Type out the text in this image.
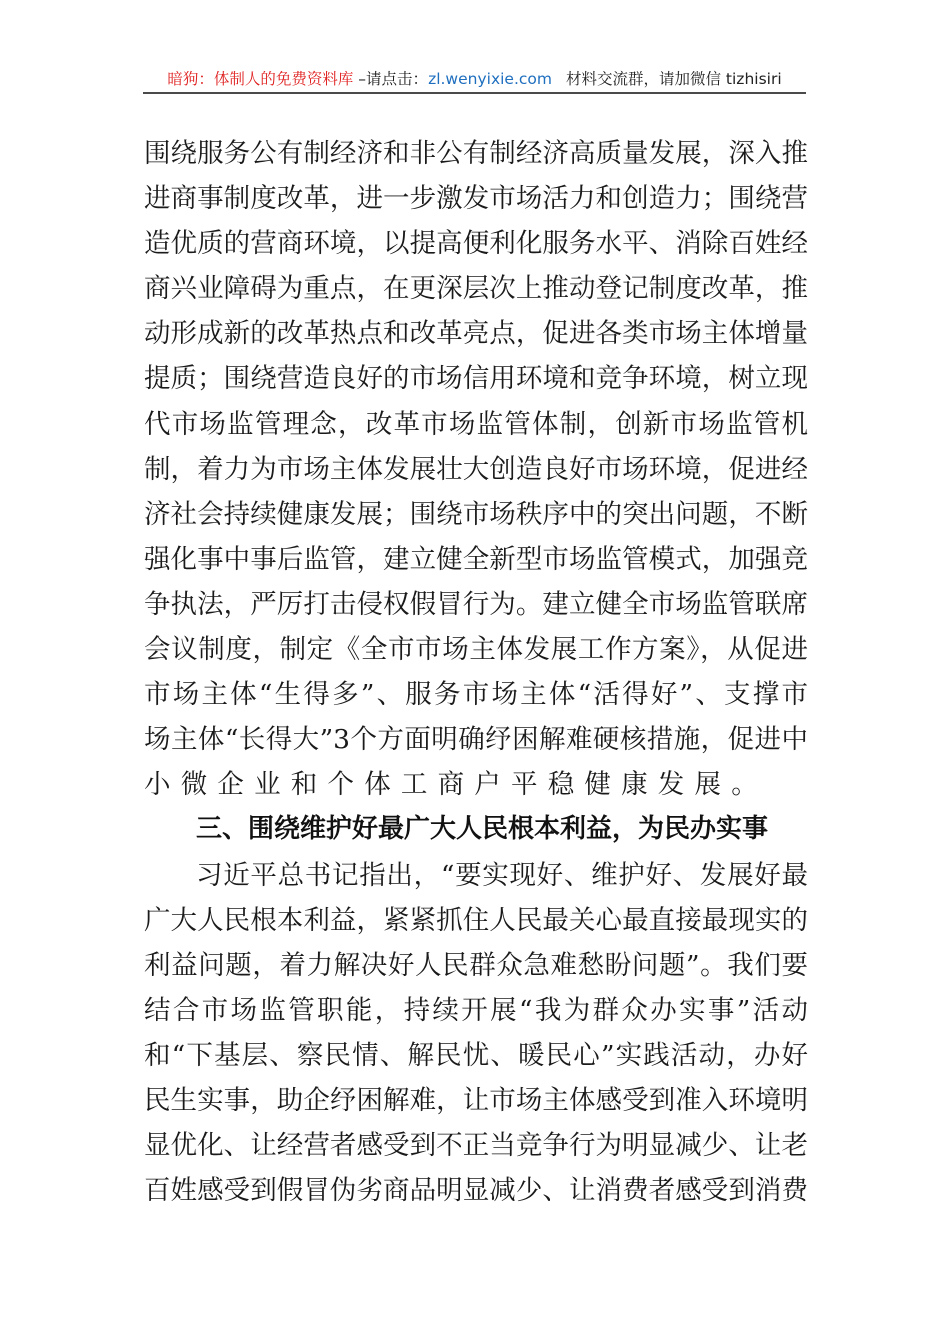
暗狗：体制人的免费资料库 –请点击：zl.wenyixie.com 材料交流群，请加微信 tizhisiri
围绕服务公有制经济和非公有制经济高质量发展，深入推
进商事制度改革，进一步激发市场活力和创造力；围绕营
造优质的营商环境，以提高便利化服务水平、消除百姓经
商兴业障碍为重点，在更深层次上推动登记制度改革，推
动形成新的改革热点和改革亮点，促进各类市场主体增量
提质；围绕营造良好的市场信用环境和竞争环境，树立现
代市场监管理念，改革市场监管体制，创新市场监管机
制，着力为市场主体发展壮大创造良好市场环境，促进经
济社会持续健康发展；围绕市场秩序中的突出问题，不断
强化事中事后监管，建立健全新型市场监管模式，加强竞
争执法，严厉打击侵权假冒行为。建立健全市场监管联席
会议制度，制定《全市市场主体发展工作方案》，从促进
市场主体“生得多”、服务市场主体“活得好”、支撑市
场主体“长得大”3个方面明确纾困解难硬核措施，促进中
小微企业和个体工商户平稳健康发展。
三、围绕维护好最广大人民根本利益，为民办实事
习近平总书记指出，“要实现好、维护好、发展好最
广大人民根本利益，紧紧抓住人民最关心最直接最现实的
利益问题，着力解决好人民群众急难愁盼问题”。我们要
结合市场监管职能，持续开展“我为群众办实事”活动
和“下基层、察民情、解民忧、暖民心”实践活动，办好
民生实事，助企纾困解难，让市场主体感受到准入环境明
显优化、让经营者感受到不正当竞争行为明显减少、让老
百姓感受到假冒伪劣商品明显减少、让消费者感受到消费
